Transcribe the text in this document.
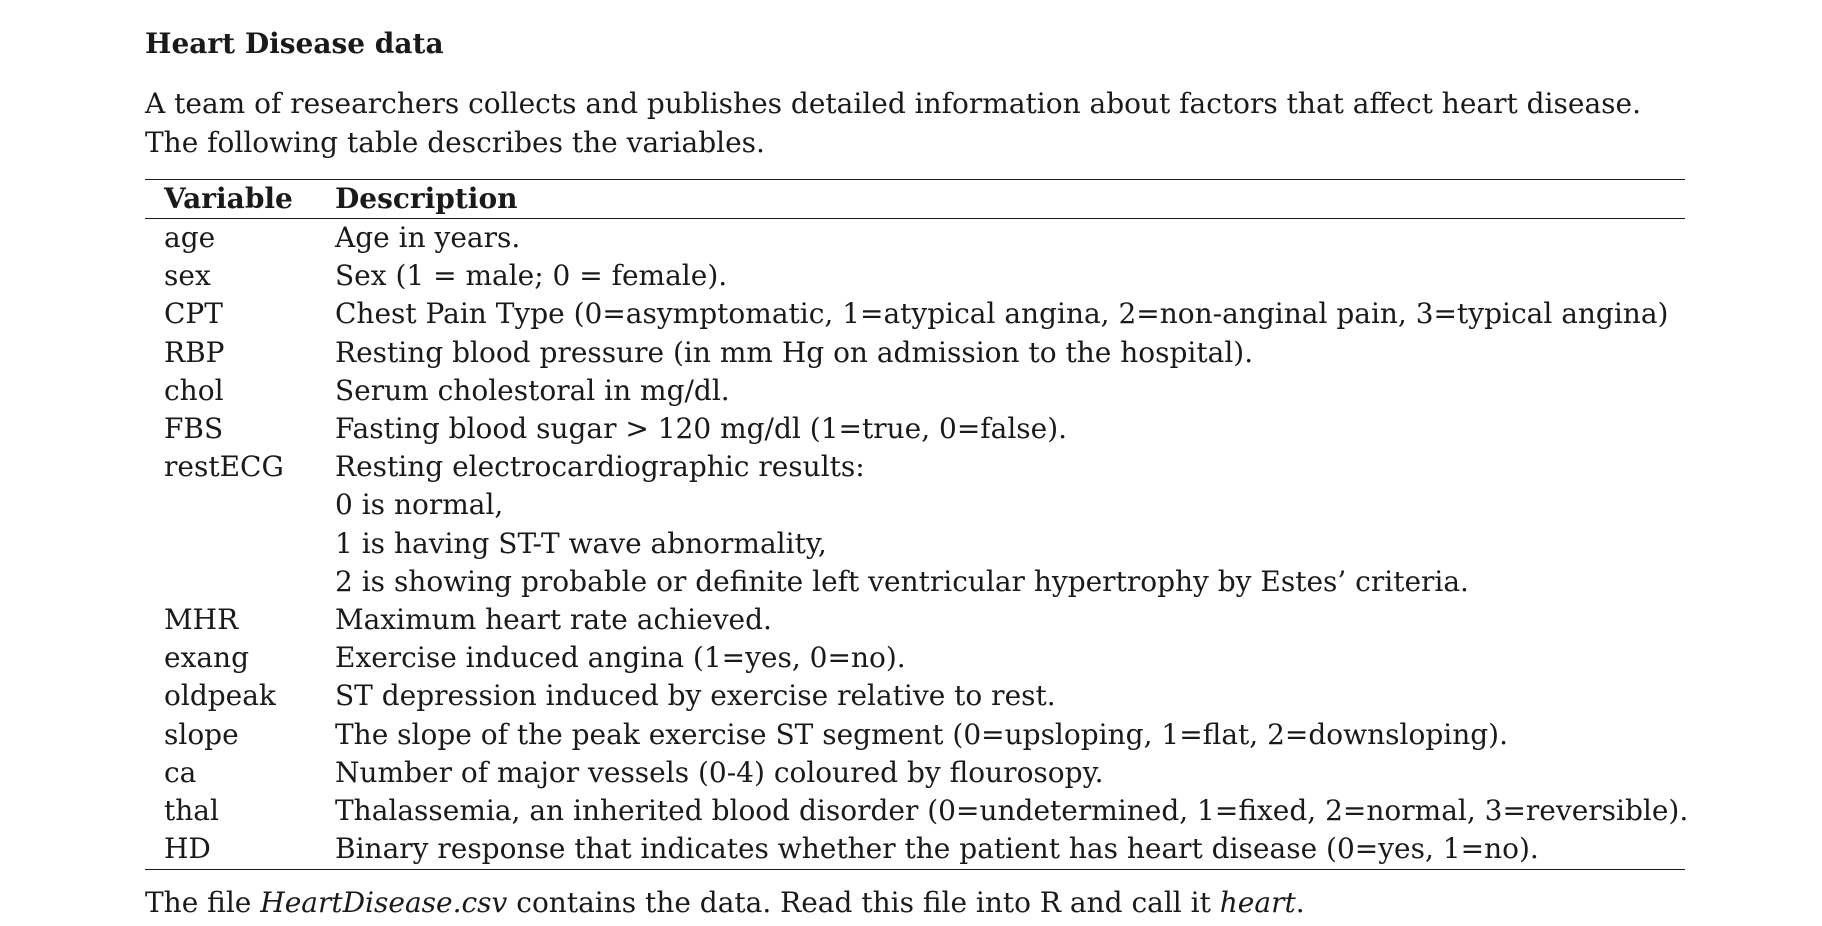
Heart Disease data
A team of researchers collects and publishes detailed information about factors that affect heart disease.
The following table describes the variables.
Variable Description
age	Age in years.
sex	Sex (1 = male; 0 = female).
CPT	Chest Pain Type (0=asymptomatic, 1=atypical angina, 2=non-anginal pain, 3=typical angina)
RBP	Resting blood pressure (in mm Hg on admission to the hospital).
chol	Serum cholestoral in mg/dl.
FBS	Fasting blood sugar > 120 mg/dl (1=true, 0=false).
restECG Resting electrocardiographic results:
0 is normal,
1 is having ST-T wave abnormality,
2 is showing probable or definite left ventricular hypertrophy by Estes’ criteria.
MHR	Maximum heart rate achieved.
exang	Exercise induced angina (1=yes, 0=no).
oldpeak ST depression induced by exercise relative to rest.
slope	The slope of the peak exercise ST segment (0=upsloping, 1=flat, 2=downsloping).
ca	Number of major vessels (0-4) coloured by flourosopy.
thal	Thalassemia, an inherited blood disorder (0=undetermined, 1=fixed, 2=normal, 3=reversible).
HD	Binary response that indicates whether the patient has heart disease (0=yes, 1=no).
The file HeartDisease.csv contains the data. Read this file into R and call it heart.
